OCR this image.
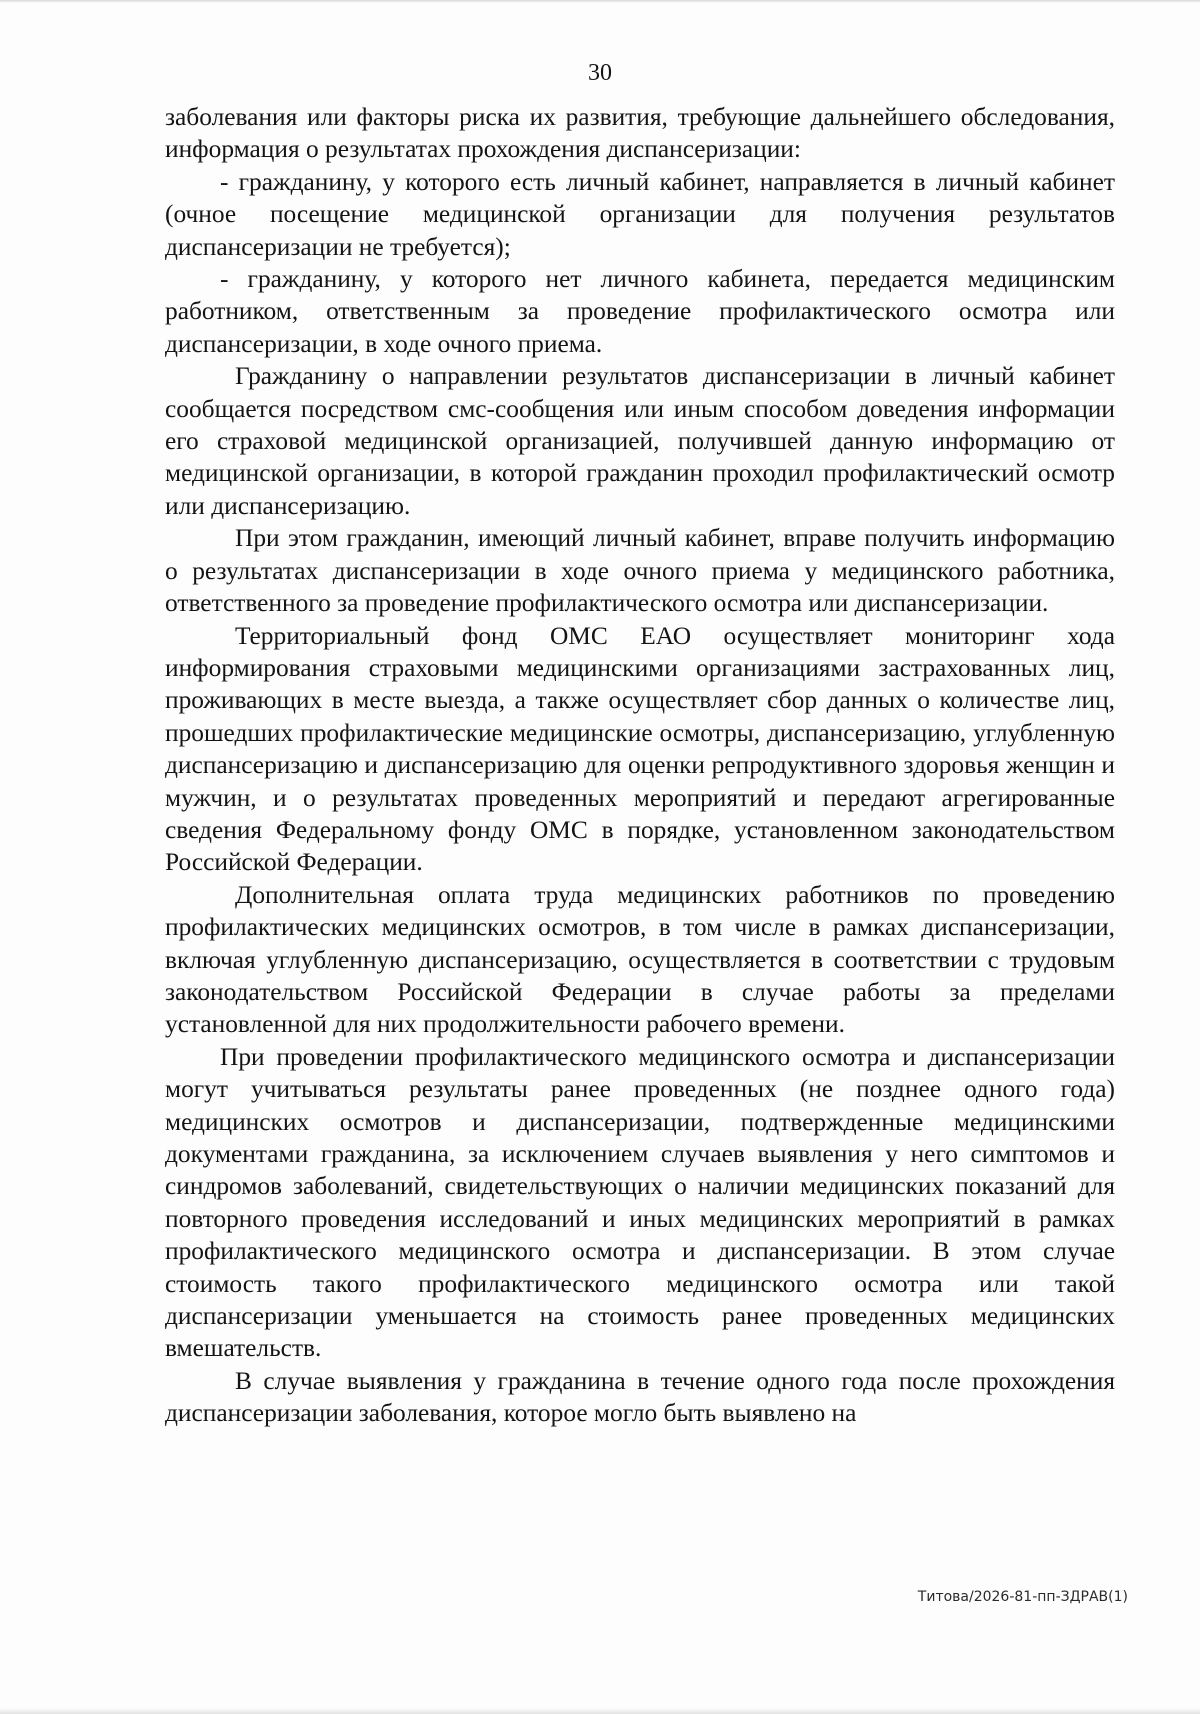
30

заболевания или факторы риска их развития, требующие дальнейшего обследования, информация о результатах прохождения диспансеризации:

- гражданину, у которого есть личный кабинет, направляется в личный кабинет (очное посещение медицинской организации для получения результатов диспансеризации не требуется);

- гражданину, у которого нет личного кабинета, передается медицинским работником, ответственным за проведение профилактического осмотра или диспансеризации, в ходе очного приема.

Гражданину о направлении результатов диспансеризации в личный кабинет сообщается посредством смс-сообщения или иным способом доведения информации его страховой медицинской организацией, получившей данную информацию от медицинской организации, в которой гражданин проходил профилактический осмотр или диспансеризацию.

При этом гражданин, имеющий личный кабинет, вправе получить информацию о результатах диспансеризации в ходе очного приема у медицинского работника, ответственного за проведение профилактического осмотра или диспансеризации.

Территориальный фонд ОМС ЕАО осуществляет мониторинг хода информирования страховыми медицинскими организациями застрахованных лиц, проживающих в месте выезда, а также осуществляет сбор данных о количестве лиц, прошедших профилактические медицинские осмотры, диспансеризацию, углубленную диспансеризацию и диспансеризацию для оценки репродуктивного здоровья женщин и мужчин, и о результатах проведенных мероприятий и передают агрегированные сведения Федеральному фонду ОМС в порядке, установленном законодательством Российской Федерации.

Дополнительная оплата труда медицинских работников по проведению профилактических медицинских осмотров, в том числе в рамках диспансеризации, включая углубленную диспансеризацию, осуществляется в соответствии с трудовым законодательством Российской Федерации в случае работы за пределами установленной для них продолжительности рабочего времени.

При проведении профилактического медицинского осмотра и диспансеризации могут учитываться результаты ранее проведенных (не позднее одного года) медицинских осмотров и диспансеризации, подтвержденные медицинскими документами гражданина, за исключением случаев выявления у него симптомов и синдромов заболеваний, свидетельствующих о наличии медицинских показаний для повторного проведения исследований и иных медицинских мероприятий в рамках профилактического медицинского осмотра и диспансеризации. В этом случае стоимость такого профилактического медицинского осмотра или такой диспансеризации уменьшается на стоимость ранее проведенных медицинских вмешательств.

В случае выявления у гражданина в течение одного года после прохождения диспансеризации заболевания, которое могло быть выявлено на

Титова/2026-81-пп-ЗДРАВ(1)
